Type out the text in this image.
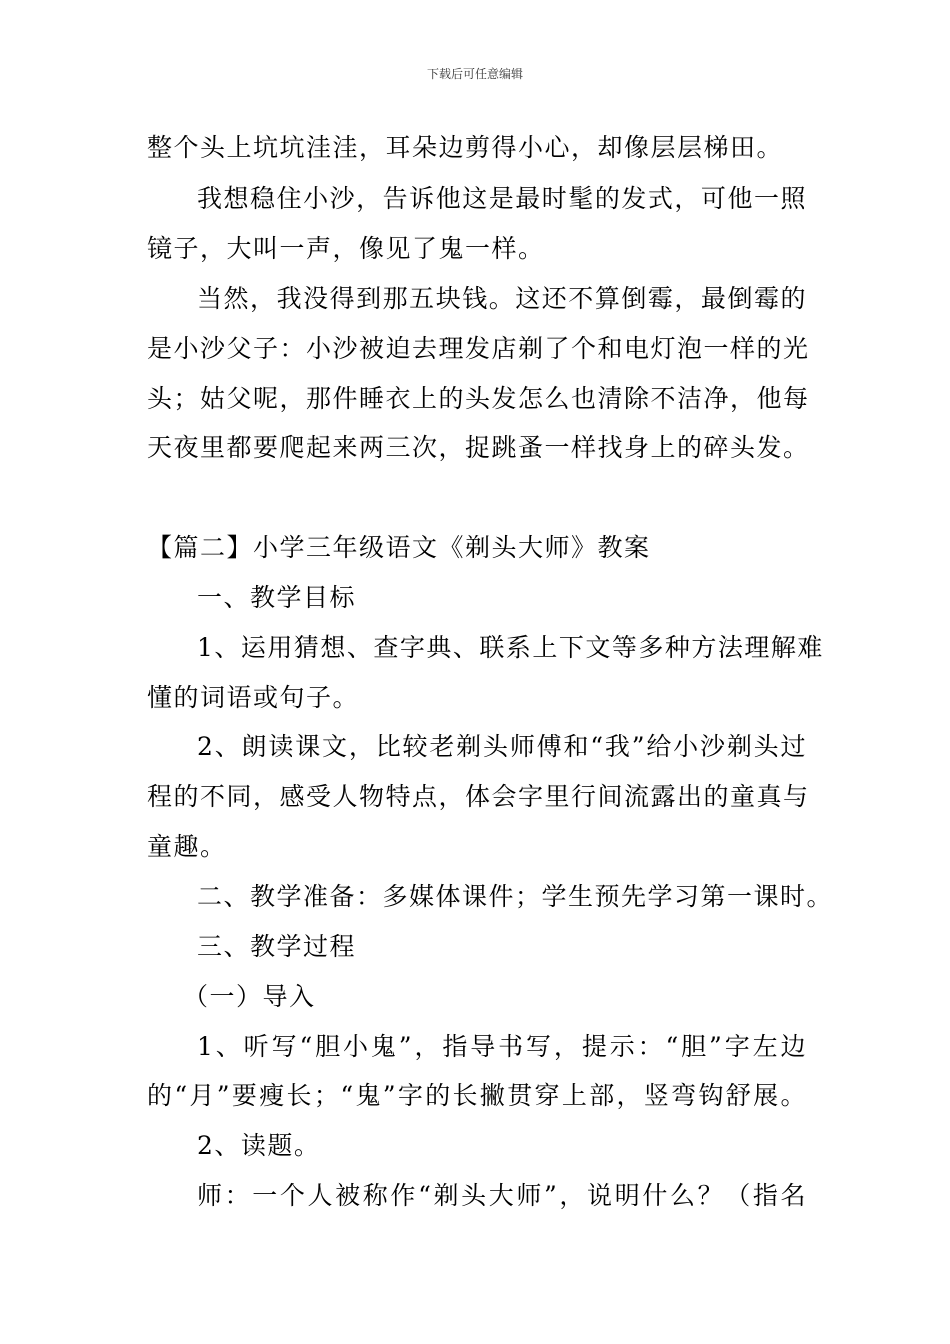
下载后可任意编辑
整个头上坑坑洼洼，耳朵边剪得小心，却像层层梯田。
我想稳住小沙，告诉他这是最时髦的发式，可他一照
镜子，大叫一声，像见了鬼一样。
当然，我没得到那五块钱。这还不算倒霉，最倒霉的
是小沙父子：小沙被迫去理发店剃了个和电灯泡一样的光
头；姑父呢，那件睡衣上的头发怎么也清除不洁净，他每
天夜里都要爬起来两三次，捉跳蚤一样找身上的碎头发。
【篇二】小学三年级语文《剃头大师》教案
一、教学目标
1、运用猜想、查字典、联系上下文等多种方法理解难
懂的词语或句子。
2、朗读课文，比较老剃头师傅和“我”给小沙剃头过
程的不同，感受人物特点，体会字里行间流露出的童真与
童趣。
二、教学准备：多媒体课件；学生预先学习第一课时。
三、教学过程
（一）导入
1、听写“胆小鬼”，指导书写，提示：“胆”字左边
的“月”要瘦长；“鬼”字的长撇贯穿上部，竖弯钩舒展。
2、读题。
师：一个人被称作“剃头大师”，说明什么？（指名
